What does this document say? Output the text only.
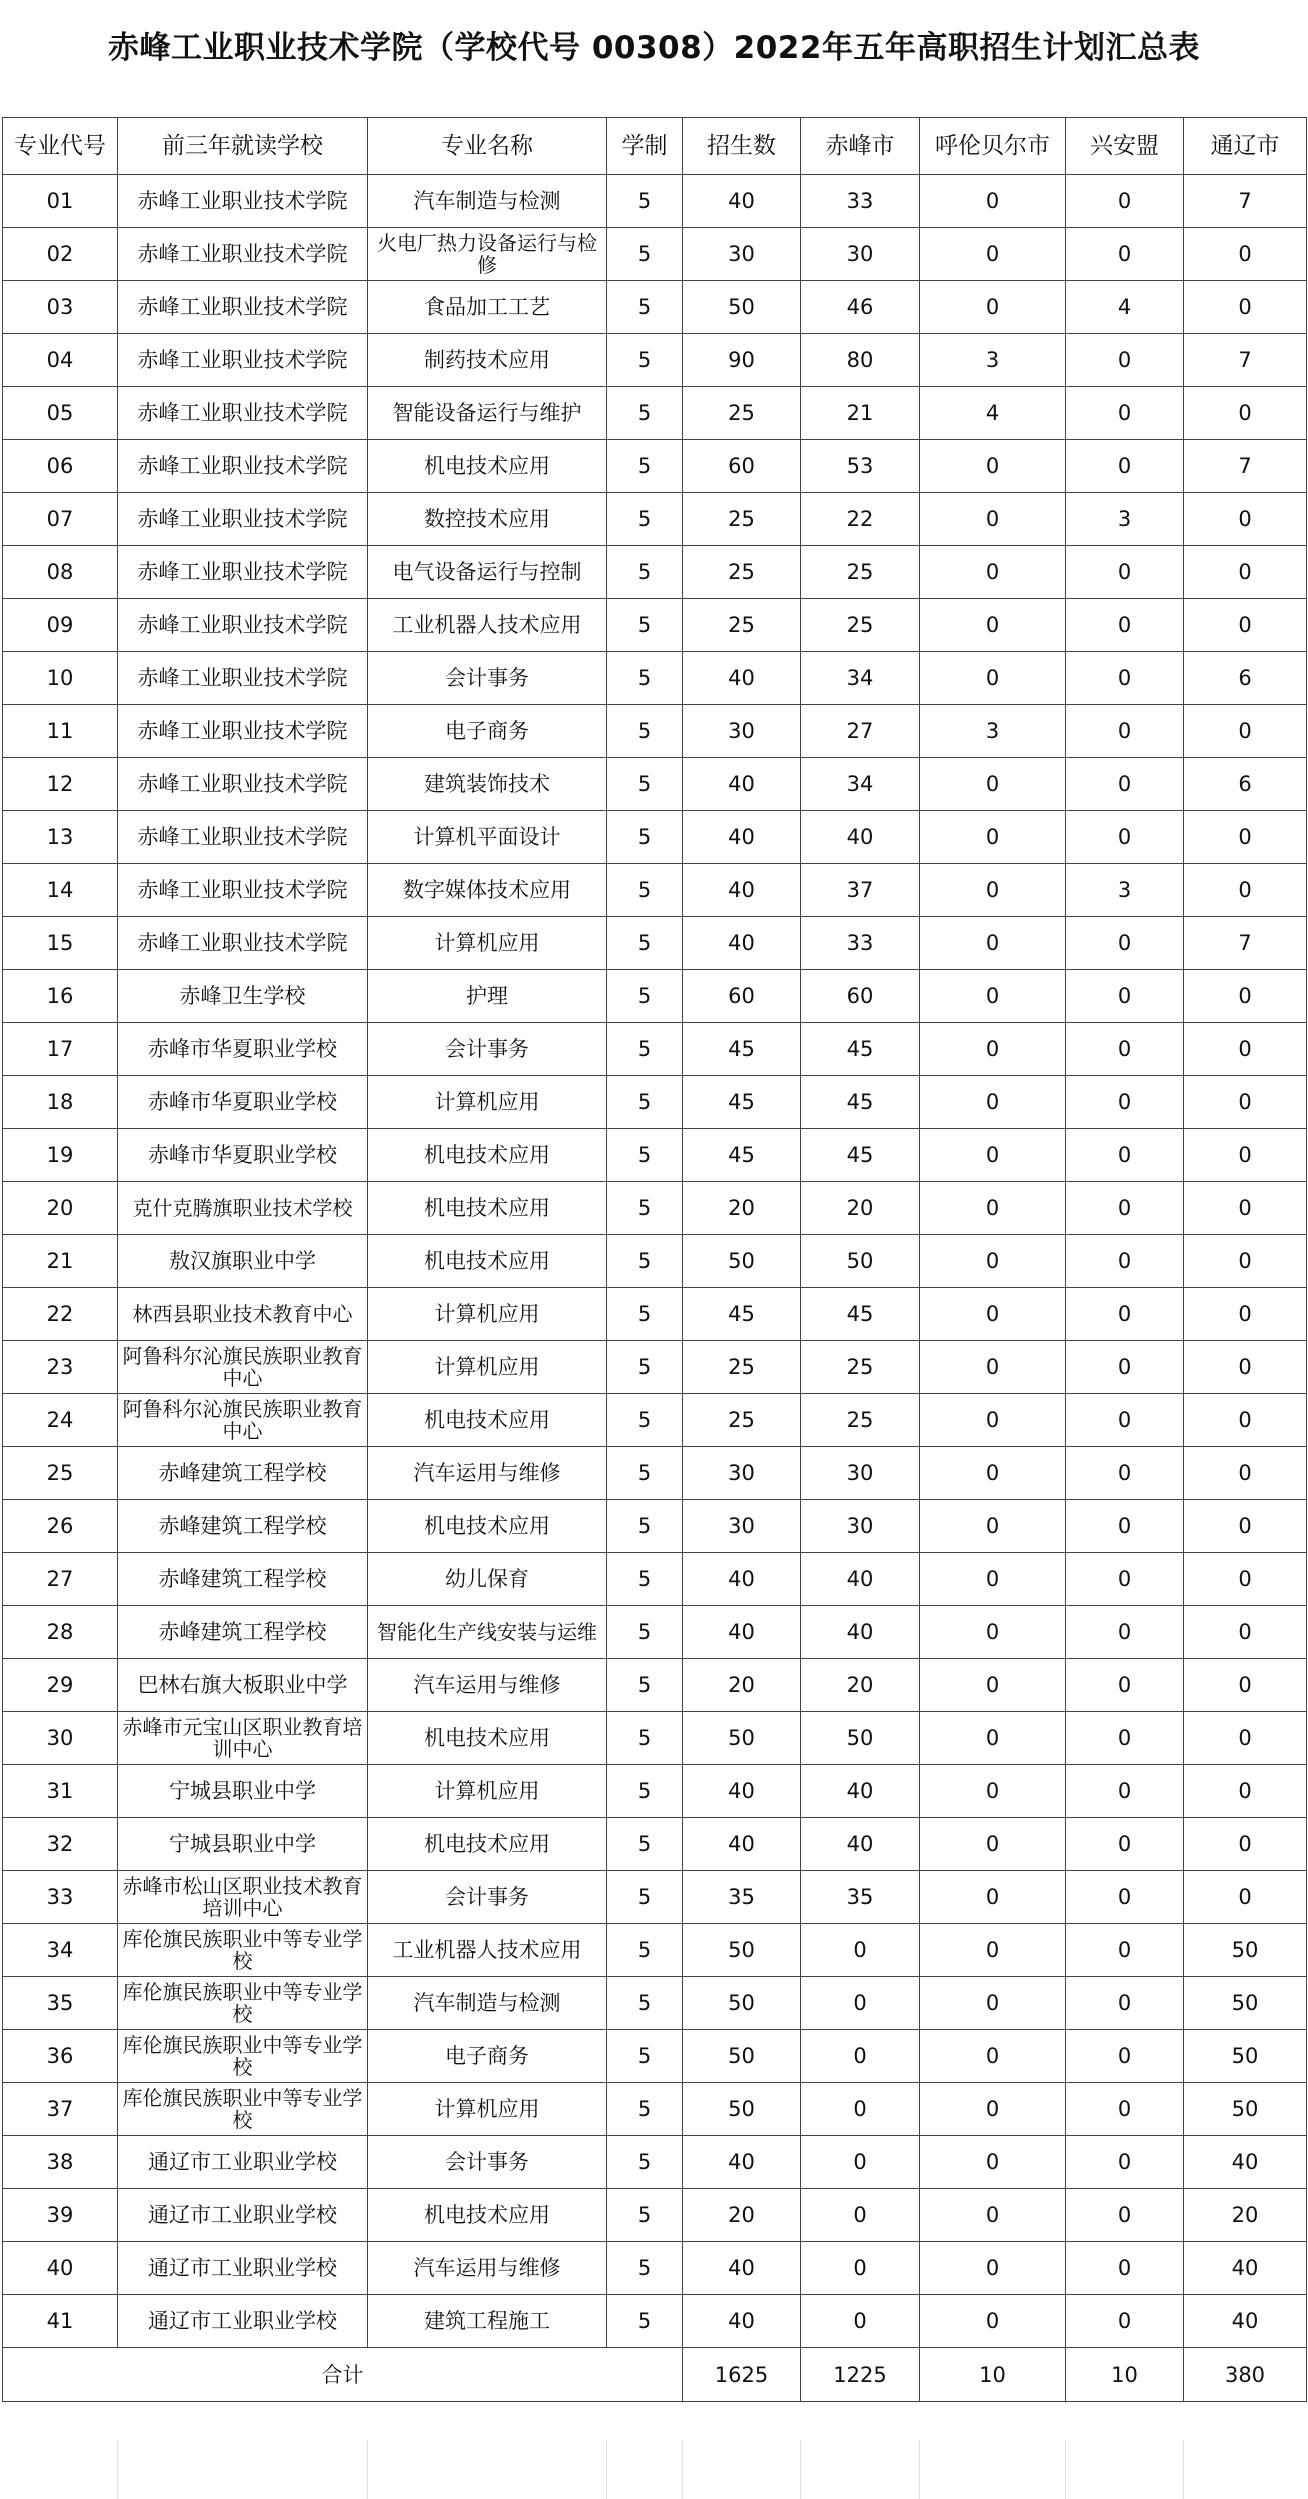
赤峰工业职业技术学院（学校代号 00308）2022年五年高职招生计划汇总表
专业代号	前三年就读学校	专业名称	学制	招生数	赤峰市	呼伦贝尔市	兴安盟	通辽市
01	赤峰工业职业技术学院	汽车制造与检测	5	40	33	0	0	7
02	赤峰工业职业技术学院	火电厂热力设备运行与检修	5	30	30	0	0	0
03	赤峰工业职业技术学院	食品加工工艺	5	50	46	0	4	0
04	赤峰工业职业技术学院	制药技术应用	5	90	80	3	0	7
05	赤峰工业职业技术学院	智能设备运行与维护	5	25	21	4	0	0
06	赤峰工业职业技术学院	机电技术应用	5	60	53	0	0	7
07	赤峰工业职业技术学院	数控技术应用	5	25	22	0	3	0
08	赤峰工业职业技术学院	电气设备运行与控制	5	25	25	0	0	0
09	赤峰工业职业技术学院	工业机器人技术应用	5	25	25	0	0	0
10	赤峰工业职业技术学院	会计事务	5	40	34	0	0	6
11	赤峰工业职业技术学院	电子商务	5	30	27	3	0	0
12	赤峰工业职业技术学院	建筑装饰技术	5	40	34	0	0	6
13	赤峰工业职业技术学院	计算机平面设计	5	40	40	0	0	0
14	赤峰工业职业技术学院	数字媒体技术应用	5	40	37	0	3	0
15	赤峰工业职业技术学院	计算机应用	5	40	33	0	0	7
16	赤峰卫生学校	护理	5	60	60	0	0	0
17	赤峰市华夏职业学校	会计事务	5	45	45	0	0	0
18	赤峰市华夏职业学校	计算机应用	5	45	45	0	0	0
19	赤峰市华夏职业学校	机电技术应用	5	45	45	0	0	0
20	克什克腾旗职业技术学校	机电技术应用	5	20	20	0	0	0
21	敖汉旗职业中学	机电技术应用	5	50	50	0	0	0
22	林西县职业技术教育中心	计算机应用	5	45	45	0	0	0
23	阿鲁科尔沁旗民族职业教育中心	计算机应用	5	25	25	0	0	0
24	阿鲁科尔沁旗民族职业教育中心	机电技术应用	5	25	25	0	0	0
25	赤峰建筑工程学校	汽车运用与维修	5	30	30	0	0	0
26	赤峰建筑工程学校	机电技术应用	5	30	30	0	0	0
27	赤峰建筑工程学校	幼儿保育	5	40	40	0	0	0
28	赤峰建筑工程学校	智能化生产线安装与运维	5	40	40	0	0	0
29	巴林右旗大板职业中学	汽车运用与维修	5	20	20	0	0	0
30	赤峰市元宝山区职业教育培训中心	机电技术应用	5	50	50	0	0	0
31	宁城县职业中学	计算机应用	5	40	40	0	0	0
32	宁城县职业中学	机电技术应用	5	40	40	0	0	0
33	赤峰市松山区职业技术教育培训中心	会计事务	5	35	35	0	0	0
34	库伦旗民族职业中等专业学校	工业机器人技术应用	5	50	0	0	0	50
35	库伦旗民族职业中等专业学校	汽车制造与检测	5	50	0	0	0	50
36	库伦旗民族职业中等专业学校	电子商务	5	50	0	0	0	50
37	库伦旗民族职业中等专业学校	计算机应用	5	50	0	0	0	50
38	通辽市工业职业学校	会计事务	5	40	0	0	0	40
39	通辽市工业职业学校	机电技术应用	5	20	0	0	0	20
40	通辽市工业职业学校	汽车运用与维修	5	40	0	0	0	40
41	通辽市工业职业学校	建筑工程施工	5	40	0	0	0	40
合计				1625	1225	10	10	380
